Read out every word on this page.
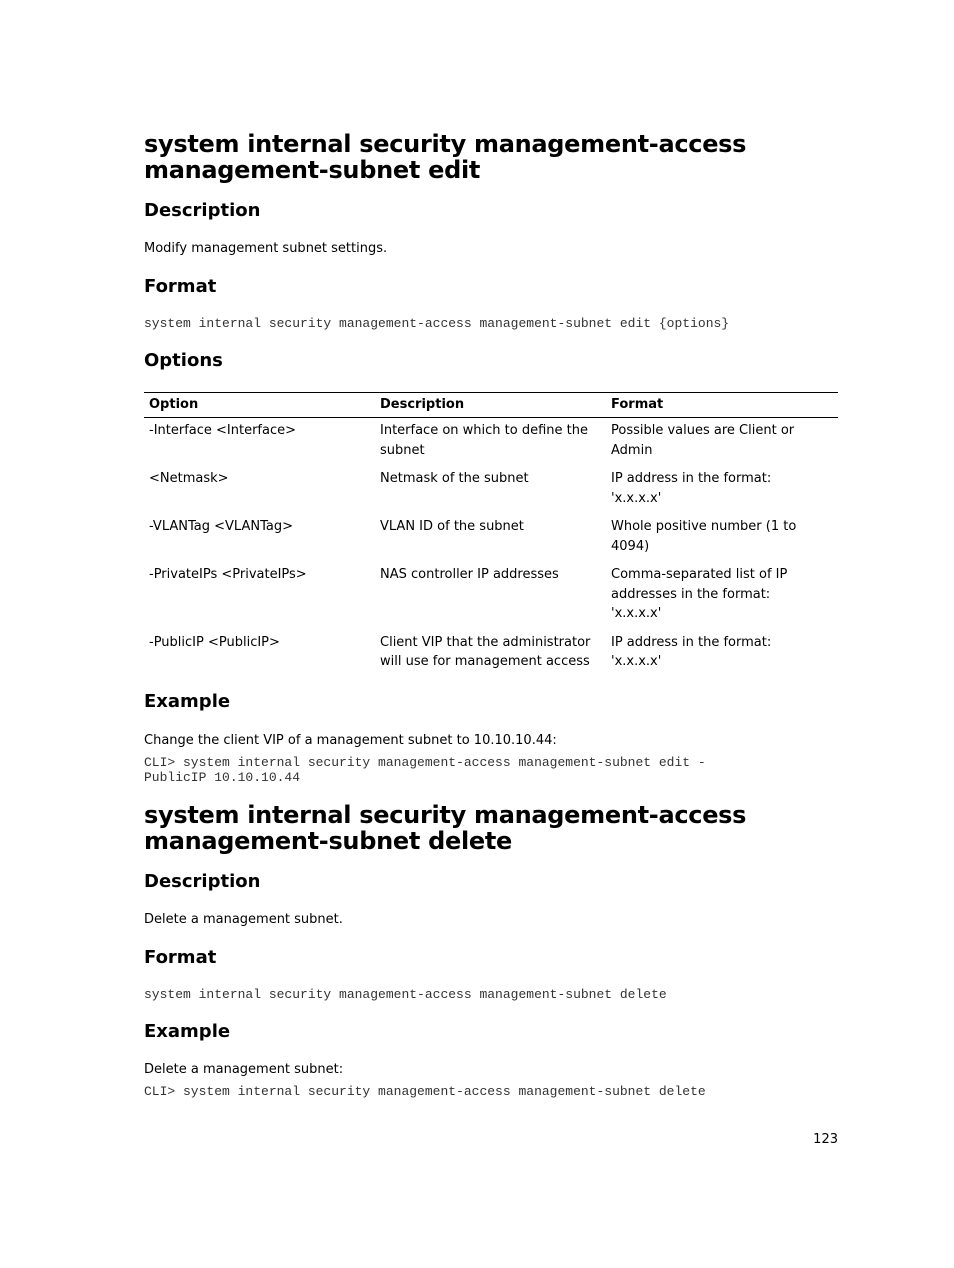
system internal security management-access
management-subnet edit
Description

Modify management subnet settings.

Format

system internal security management-access management-subnet edit {options}

Options
Option	Description	Format
-Interface <Interface>	Interface on which to define the subnet	Possible values are Client or Admin
<Netmask>	Netmask of the subnet	IP address in the format: 'x.x.x.x'
-VLANTag <VLANTag>	VLAN ID of the subnet	Whole positive number (1 to 4094)
-PrivateIPs <PrivateIPs>	NAS controller IP addresses	Comma-separated list of IP addresses in the format: 'x.x.x.x'
-PublicIP <PublicIP>	Client VIP that the administrator will use for management access	IP address in the format: 'x.x.x.x'
Example

Change the client VIP of a management subnet to 10.10.10.44:

CLI> system internal security management-access management-subnet edit -
PublicIP 10.10.10.44

system internal security management-access
management-subnet delete
Description

Delete a management subnet.

Format

system internal security management-access management-subnet delete

Example

Delete a management subnet:

CLI> system internal security management-access management-subnet delete

123
